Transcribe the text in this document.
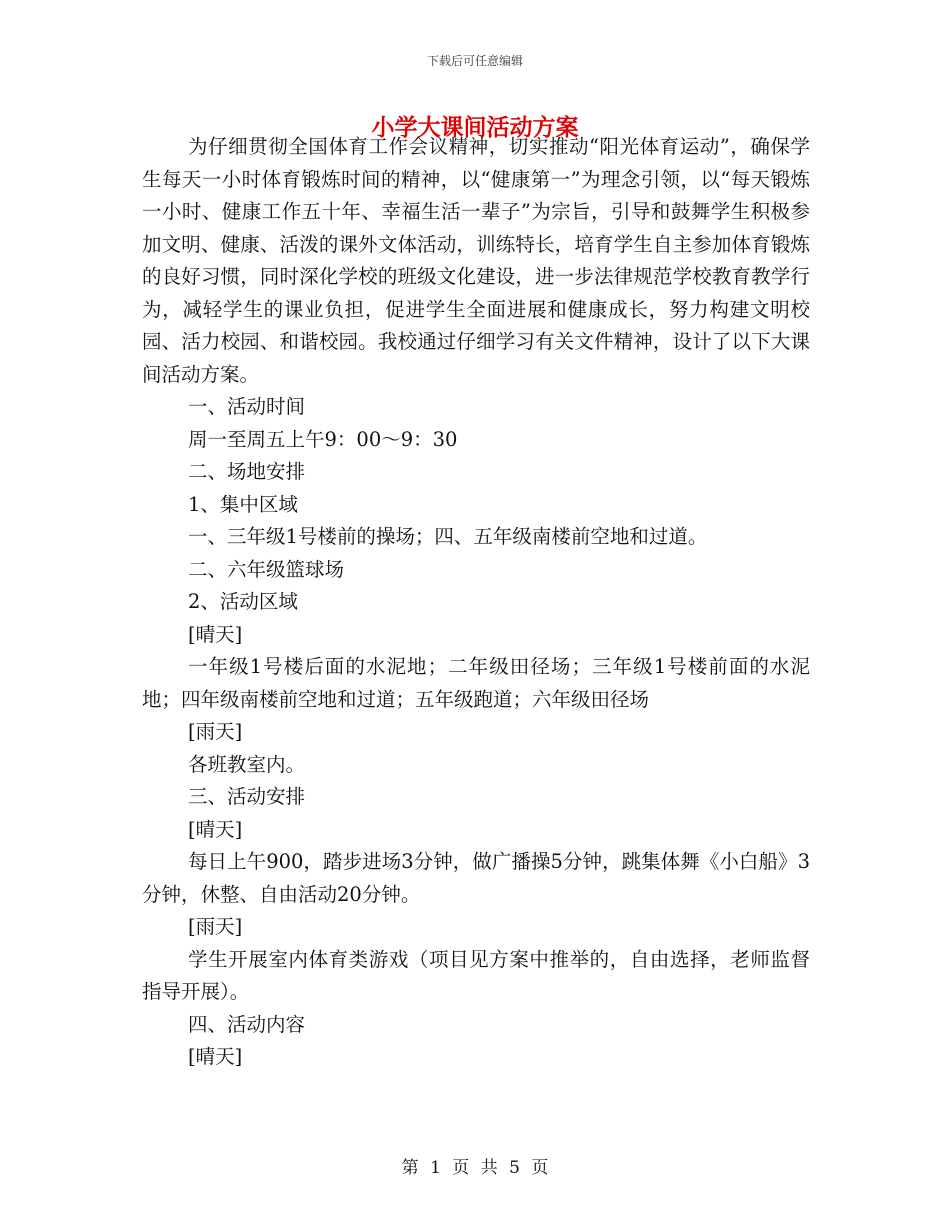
下载后可任意编辑
小学大课间活动方案

为仔细贯彻全国体育工作会议精神，切实推动“阳光体育运动”，确保学生每天一小时体育锻炼时间的精神，以“健康第一”为理念引领，以“每天锻炼一小时、健康工作五十年、幸福生活一辈子”为宗旨，引导和鼓舞学生积极参加文明、健康、活泼的课外文体活动，训练特长，培育学生自主参加体育锻炼的良好习惯，同时深化学校的班级文化建设，进一步法律规范学校教育教学行为，减轻学生的课业负担，促进学生全面进展和健康成长，努力构建文明校园、活力校园、和谐校园。我校通过仔细学习有关文件精神，设计了以下大课间活动方案。

一、活动时间

周一至周五上午9：00～9：30

二、场地安排

1、集中区域

一、三年级1号楼前的操场；四、五年级南楼前空地和过道。

二、六年级篮球场

2、活动区域

[晴天]

一年级1号楼后面的水泥地；二年级田径场；三年级1号楼前面的水泥地；四年级南楼前空地和过道；五年级跑道；六年级田径场

[雨天]

各班教室内。

三、活动安排

[晴天]

每日上午900，踏步进场3分钟，做广播操5分钟，跳集体舞《小白船》3分钟，休整、自由活动20分钟。

[雨天]

学生开展室内体育类游戏（项目见方案中推举的，自由选择，老师监督指导开展）。

四、活动内容

[晴天]

第 1 页 共 5 页
